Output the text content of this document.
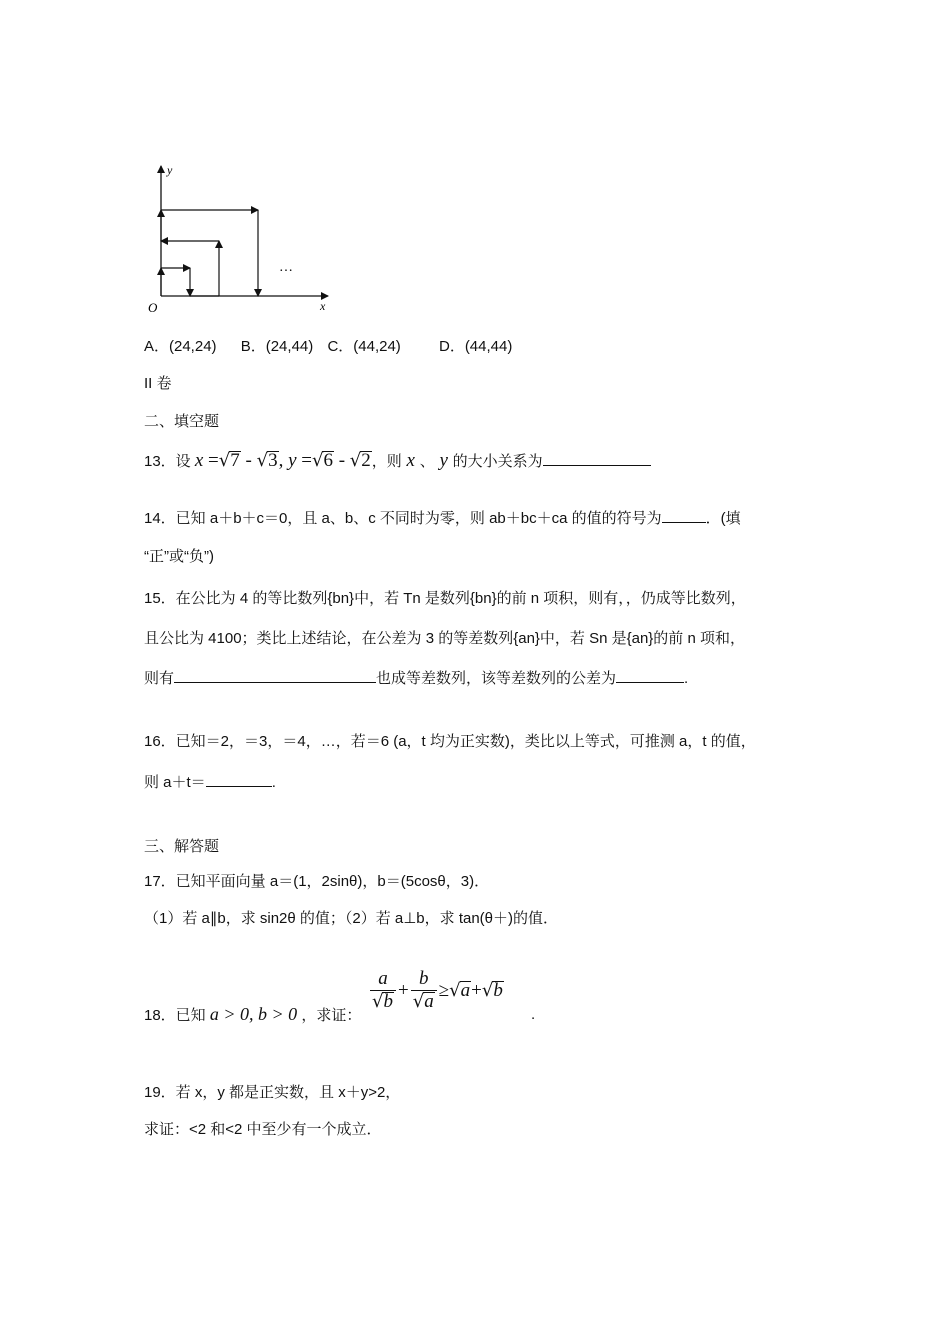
y
x
O
…
A．(24,24) B．(24,44) C．(44,24)	D．(44,44)
II 卷
二、填空题
13．设 x =√7 - √3, y =√6 - √2，则 x 、 y 的大小关系为
14．已知 a＋b＋c＝0，且 a、b、c 不同时为零，则 ab＋bc＋ca 的值的符号为	．(填
“正”或“负”)
15．在公比为 4 的等比数列{bn}中，若 Tn 是数列{bn}的前 n 项积，则有，，仍成等比数列，
且公比为 4100；类比上述结论，在公差为 3 的等差数列{an}中，若 Sn 是{an}的前 n 项和，
则有	也成等差数列，该等差数列的公差为	.
16．已知＝2，＝3，＝4，…，若＝6 (a，t 均为正实数)，类比以上等式，可推测 a，t 的值，
则 a＋t＝	.
三、解答题
17．已知平面向量 a＝(1，2sinθ)，b＝(5cosθ，3)．
（1）若 a∥b，求 sin2θ 的值；（2）若 a⊥b，求 tan(θ＋)的值．
18．已知 a > 0, b > 0 ，求证：
$\frac{a}{√b} + \frac{b}{√a} \ge√a+√b$
.
19．若 x，y 都是正实数，且 x＋y>2，
求证：<2 和<2 中至少有一个成立．
